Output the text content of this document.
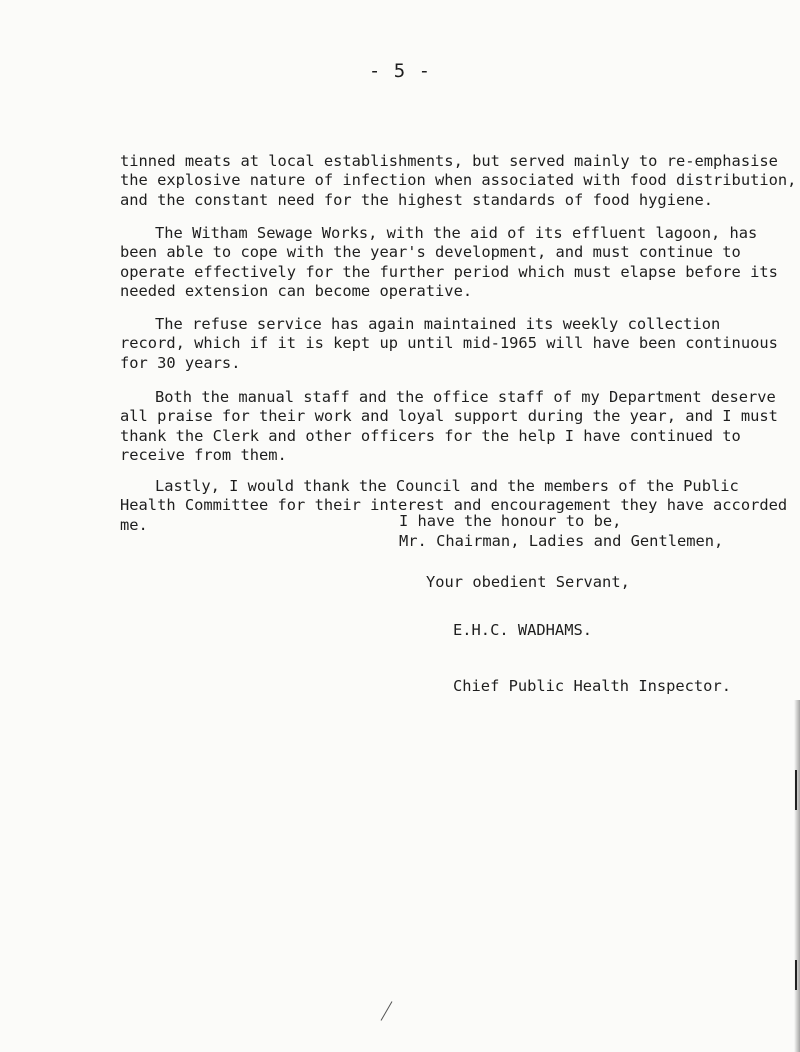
- 5 -

tinned meats at local establishments, but served mainly to re-emphasise
the explosive nature of infection when associated with food distribution,
and the constant need for the highest standards of food hygiene.

The Witham Sewage Works, with the aid of its effluent lagoon, has
been able to cope with the year's development, and must continue to
operate effectively for the further period which must elapse before its
needed extension can become operative.

The refuse service has again maintained its weekly collection
record, which if it is kept up until mid-1965 will have been continuous
for 30 years.

Both the manual staff and the office staff of my Department deserve
all praise for their work and loyal support during the year, and I must
thank the Clerk and other officers for the help I have continued to
receive from them.

Lastly, I would thank the Council and the members of the Public
Health Committee for their interest and encouragement they have accorded
me.	I have the honour to be,

Mr. Chairman, Ladies and Gentlemen,

Your obedient Servant,

E.H.C. WADHAMS.

Chief Public Health Inspector.
